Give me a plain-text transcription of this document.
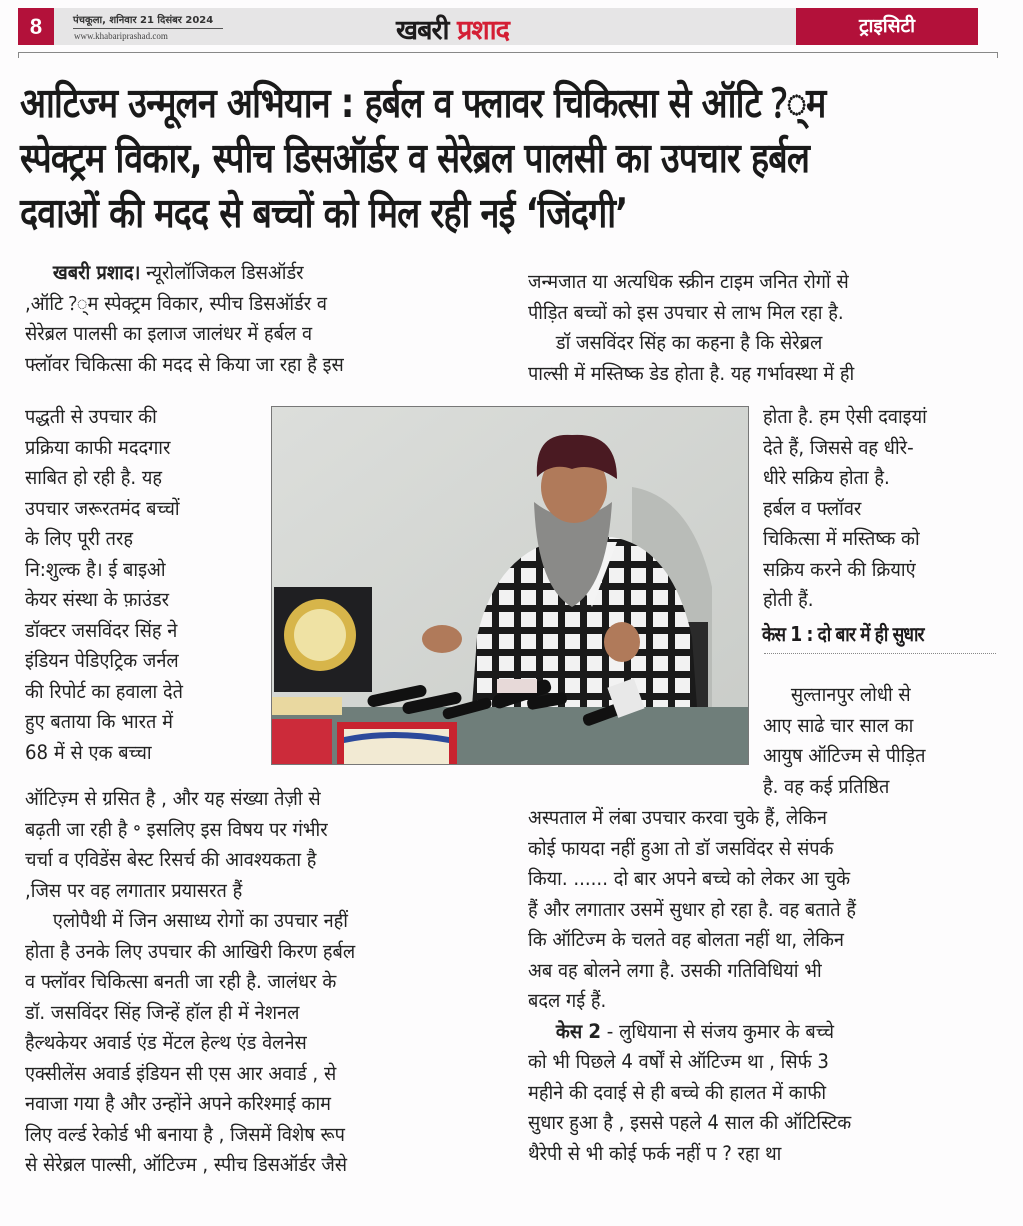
8	पंचकूला, शनिवार 21 दिसंबर 2024
www.khabariprashad.com	खबरी प्रशाद	ट्राइसिटी
आटिज्म उन्मूलन अभियान : हर्बल व फ्लावर चिकित्सा से ऑटि ?्म
स्पेक्ट्रम विकार, स्पीच डिसऑर्डर व सेरेब्रल पालसी का उपचार हर्बल
दवाओं की मदद से बच्चों को मिल रही नई ‘जिंदगी’
खबरी प्रशाद। न्यूरोलॉजिकल डिसऑर्डर
,ऑटि ?्म स्पेक्ट्रम विकार, स्पीच डिसऑर्डर व
सेरेब्रल पालसी का इलाज जालंधर में हर्बल व
फ्लॉवर चिकित्सा की मदद से किया जा रहा है इस
पद्धती से उपचार की
प्रक्रिया काफी मददगार
साबित हो रही है. यह
उपचार जरूरतमंद बच्चों
के लिए पूरी तरह
नि:शुल्क है। ई बाइओ
केयर संस्था के फ़ाउंडर
डॉक्टर जसविंदर सिंह ने
इंडियन पेडिएट्रिक जर्नल
की रिपोर्ट का हवाला देते
हुए बताया कि भारत में
68 में से एक बच्चा
ऑटिज़्म से ग्रसित है , और यह संख्या तेज़ी से
बढ़ती जा रही है ॰ इसलिए इस विषय पर गंभीर
चर्चा व एविडेंस बेस्ट रिसर्च की आवश्यकता है
,जिस पर वह लगातार प्रयासरत हैं
एलोपैथी में जिन असाध्य रोगों का उपचार नहीं
होता है उनके लिए उपचार की आखिरी किरण हर्बल
व फ्लॉवर चिकित्सा बनती जा रही है. जालंधर के
डॉ. जसविंदर सिंह जिन्हें हॉल ही में नेशनल
हैल्थकेयर अवार्ड एंड मेंटल हेल्थ एंड वेलनेस
एक्सीलेंस अवार्ड इंडियन सी एस आर अवार्ड , से
नवाजा गया है और उन्होंने अपने करिश्माई काम
लिए वर्ल्ड रेकोर्ड भी बनाया है , जिसमें विशेष रूप
से सेरेब्रल पाल्सी, ऑटिज्म , स्पीच डिसऑर्डर जैसे
जन्मजात या अत्यधिक स्क्रीन टाइम जनित रोगों से
पीड़ित बच्चों को इस उपचार से लाभ मिल रहा है.
डॉ जसविंदर सिंह का कहना है कि सेरेब्रल
पाल्सी में मस्तिष्क डेड होता है. यह गर्भावस्था में ही
होता है. हम ऐसी दवाइयां
देते हैं, जिससे वह धीरे-
धीरे सक्रिय होता है.
हर्बल व फ्लॉवर
चिकित्सा में मस्तिष्क को
सक्रिय करने की क्रियाएं
होती हैं.
केस 1 : दो बार में ही सुधार
सुल्तानपुर लोधी से
आए साढे चार साल का
आयुष ऑटिज्म से पीड़ित
है. वह कई प्रतिष्ठित
अस्पताल में लंबा उपचार करवा चुके हैं, लेकिन
कोई फायदा नहीं हुआ तो डॉ जसविंदर से संपर्क
किया. ...... दो बार अपने बच्चे को लेकर आ चुके
हैं और लगातार उसमें सुधार हो रहा है. वह बताते हैं
कि ऑटिज्म के चलते वह बोलता नहीं था, लेकिन
अब वह बोलने लगा है. उसकी गतिविधियां भी
बदल गई हैं.
केस 2 - लुधियाना से संजय कुमार के बच्चे
को भी पिछले 4 वर्षों से ऑटिज्म था , सिर्फ 3
महीने की दवाई से ही बच्चे की हालत में काफी
सुधार हुआ है , इससे पहले 4 साल की ऑटिस्टिक
थैरेपी से भी कोई फर्क नहीं प ? रहा था
